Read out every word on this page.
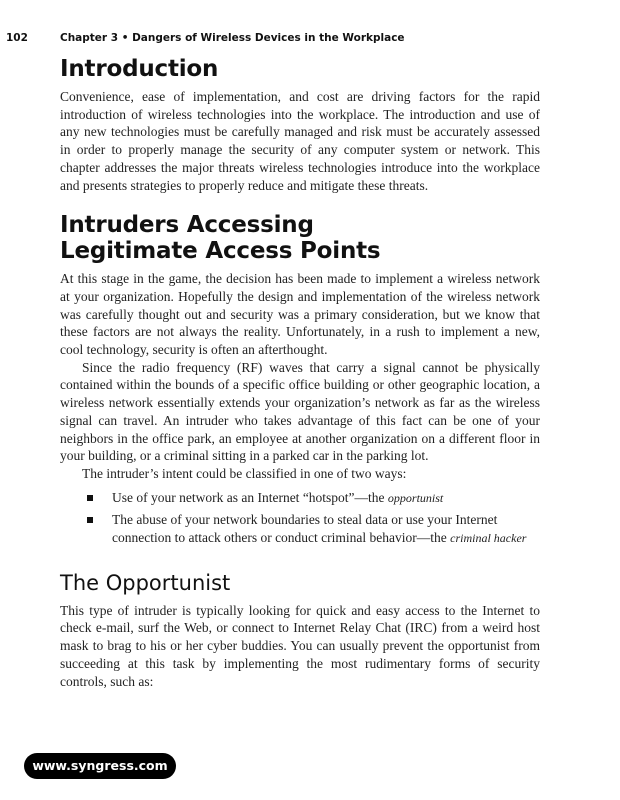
102	Chapter 3 • Dangers of Wireless Devices in the Workplace
Introduction

Convenience, ease of implementation, and cost are driving factors for the rapid introduction of wireless technologies into the workplace. The introduction and use of any new technologies must be carefully managed and risk must be accurately assessed in order to properly manage the security of any computer system or network. This chapter addresses the major threats wireless technologies introduce into the workplace and presents strategies to properly reduce and mitigate these threats.

Intruders Accessing
Legitimate Access Points

At this stage in the game, the decision has been made to implement a wireless network at your organization. Hopefully the design and implementation of the wireless network was carefully thought out and security was a primary consideration, but we know that these factors are not always the reality. Unfortunately, in a rush to implement a new, cool technology, security is often an afterthought.

Since the radio frequency (RF) waves that carry a signal cannot be physically contained within the bounds of a specific office building or other geographic location, a wireless network essentially extends your organization’s network as far as the wireless signal can travel. An intruder who takes advantage of this fact can be one of your neighbors in the office park, an employee at another organization on a different floor in your building, or a criminal sitting in a parked car in the parking lot.

The intruder’s intent could be classified in one of two ways:

Use of your network as an Internet “hotspot”—the opportunist
The abuse of your network boundaries to steal data or use your Internet connection to attack others or conduct criminal behavior—the criminal hacker
The Opportunist

This type of intruder is typically looking for quick and easy access to the Internet to check e-mail, surf the Web, or connect to Internet Relay Chat (IRC) from a weird host mask to brag to his or her cyber buddies. You can usually prevent the opportunist from succeeding at this task by implementing the most rudimentary forms of security controls, such as:

www.syngress.com
